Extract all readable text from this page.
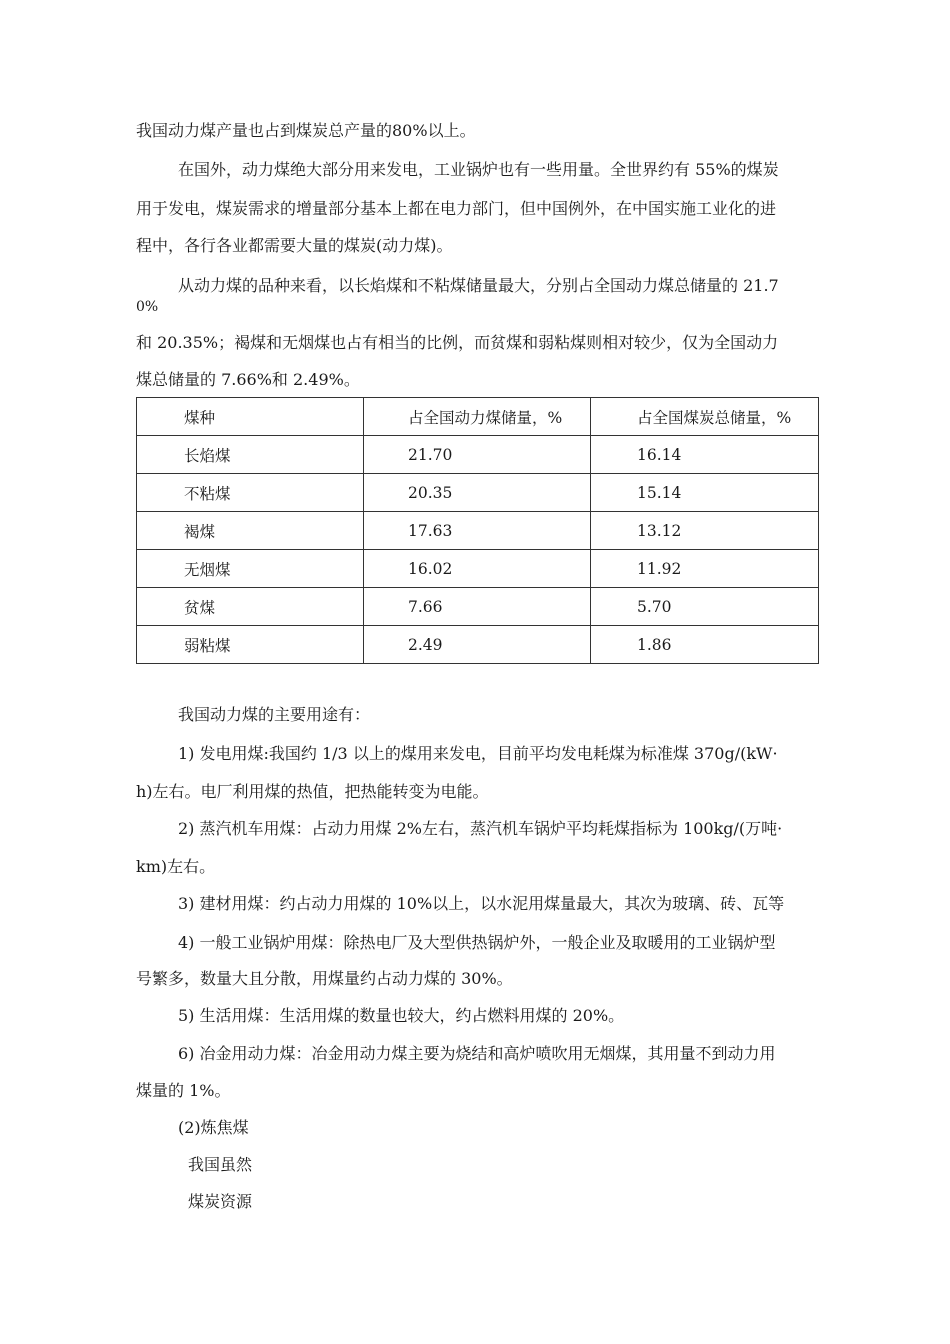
我国动力煤产量也占到煤炭总产量的80%以上。
在国外，动力煤绝大部分用来发电，工业锅炉也有一些用量。全世界约有 55%的煤炭
用于发电，煤炭需求的增量部分基本上都在电力部门，但中国例外，在中国实施工业化的进
程中，各行各业都需要大量的煤炭(动力煤)。
从动力煤的品种来看，以长焰煤和不粘煤储量最大，分别占全国动力煤总储量的 21.7
0%
和 20.35%；褐煤和无烟煤也占有相当的比例，而贫煤和弱粘煤则相对较少，仅为全国动力
煤总储量的 7.66%和 2.49%。
煤种	占全国动力煤储量，%	占全国煤炭总储量，%
长焰煤	21.70	16.14
不粘煤	20.35	15.14
褐煤	17.63	13.12
无烟煤	16.02	11.92
贫煤	7.66	5.70
弱粘煤	2.49	1.86
我国动力煤的主要用途有：
1) 发电用煤:我国约 1/3 以上的煤用来发电，目前平均发电耗煤为标准煤 370g/(kW·
h)左右。电厂利用煤的热值，把热能转变为电能。
2) 蒸汽机车用煤：占动力用煤 2%左右，蒸汽机车锅炉平均耗煤指标为 100kg/(万吨·
km)左右。
3) 建材用煤：约占动力用煤的 10%以上，以水泥用煤量最大，其次为玻璃、砖、瓦等
4) 一般工业锅炉用煤：除热电厂及大型供热锅炉外，一般企业及取暖用的工业锅炉型
号繁多，数量大且分散，用煤量约占动力煤的 30%。
5) 生活用煤：生活用煤的数量也较大，约占燃料用煤的 20%。
6) 冶金用动力煤：冶金用动力煤主要为烧结和高炉喷吹用无烟煤，其用量不到动力用
煤量的 1%。
(2)炼焦煤
我国虽然
煤炭资源
